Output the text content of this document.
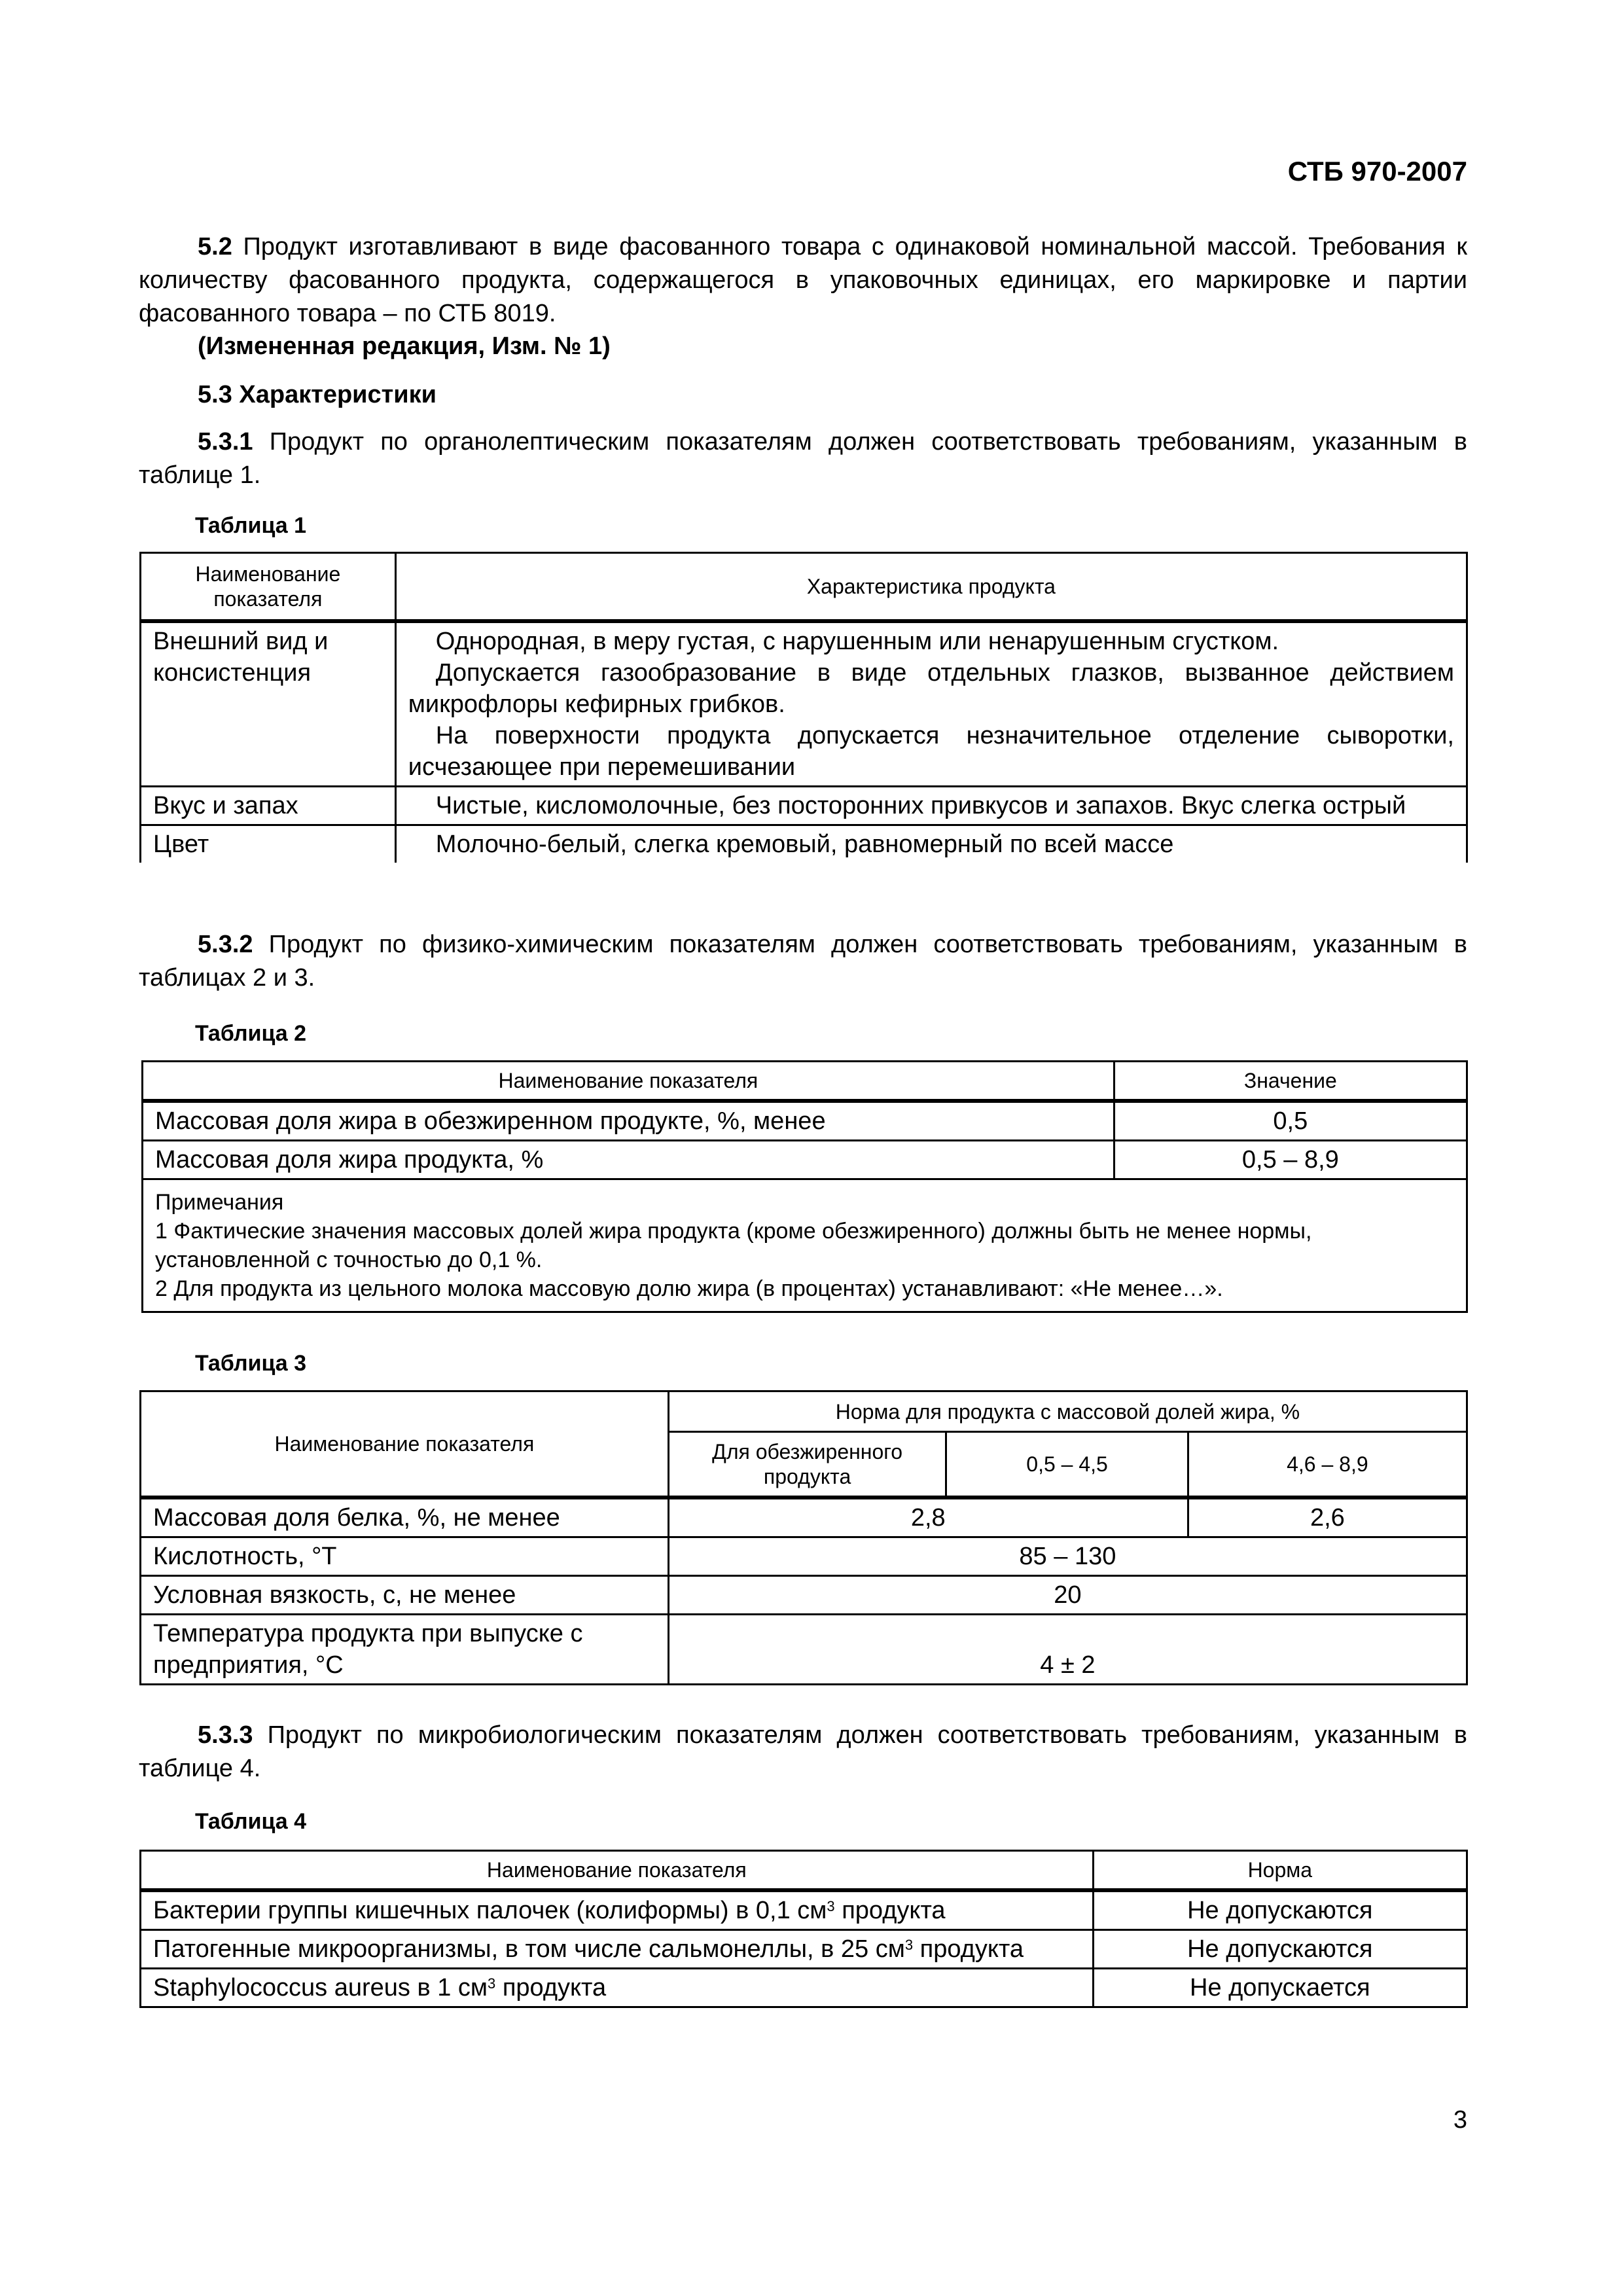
СТБ 970-2007

5.2 Продукт изготавливают в виде фасованного товара с одинаковой номинальной массой. Требования к количеству фасованного продукта, содержащегося в упаковочных единицах, его маркировке и партии фасованного товара – по СТБ 8019.

(Измененная редакция, Изм. № 1)

5.3 Характеристики

5.3.1 Продукт по органолептическим показателям должен соответствовать требованиям, указанным в таблице 1.

Таблица 1
Наименование показателя	Характеристика продукта
Внешний вид и консистенция	Однородная, в меру густая, с нарушенным или ненарушенным сгустком.

Допускается газообразование в виде отдельных глазков, вызванное действием микрофлоры кефирных грибков.

На поверхности продукта допускается незначительное отделение сыворотки, исчезающее при перемешивании

Вкус и запах	Чистые, кисломолочные, без посторонних привкусов и запахов. Вкус слегка острый

Цвет	Молочно-белый, слегка кремовый, равномерный по всей массе

5.3.2 Продукт по физико-химическим показателям должен соответствовать требованиям, указанным в таблицах 2 и 3.

Таблица 2
Наименование показателя	Значение
Массовая доля жира в обезжиренном продукте, %, менее	0,5
Массовая доля жира продукта, %	0,5 – 8,9

Примечания

1 Фактические значения массовых долей жира продукта (кроме обезжиренного) должны быть не менее нормы, установленной с точностью до 0,1 %.

2 Для продукта из цельного молока массовую долю жира (в процентах) устанавливают: «Не менее…».	

Таблица 3
Наименование показателя	Норма для продукта с массовой долей жира, %		
	Для обезжиренного продукта	0,5 – 4,5	4,6 – 8,9
Массовая доля белка, %, не менее	2,8		2,6
Кислотность, °Т	85 – 130		
Условная вязкость, с, не менее	20		
Температура продукта при выпуске с предприятия, °С	4 ± 2		

5.3.3 Продукт по микробиологическим показателям должен соответствовать требованиям, указанным в таблице 4.

Таблица 4
Наименование показателя	Норма
Бактерии группы кишечных палочек (колиформы) в 0,1 $см^3$ продукта	Не допускаются
Патогенные микроорганизмы, в том числе сальмонеллы, в 25 $см^3$ продукта	Не допускаются
Staphylococcus aureus в 1 $см^3$ продукта	Не допускается
3
